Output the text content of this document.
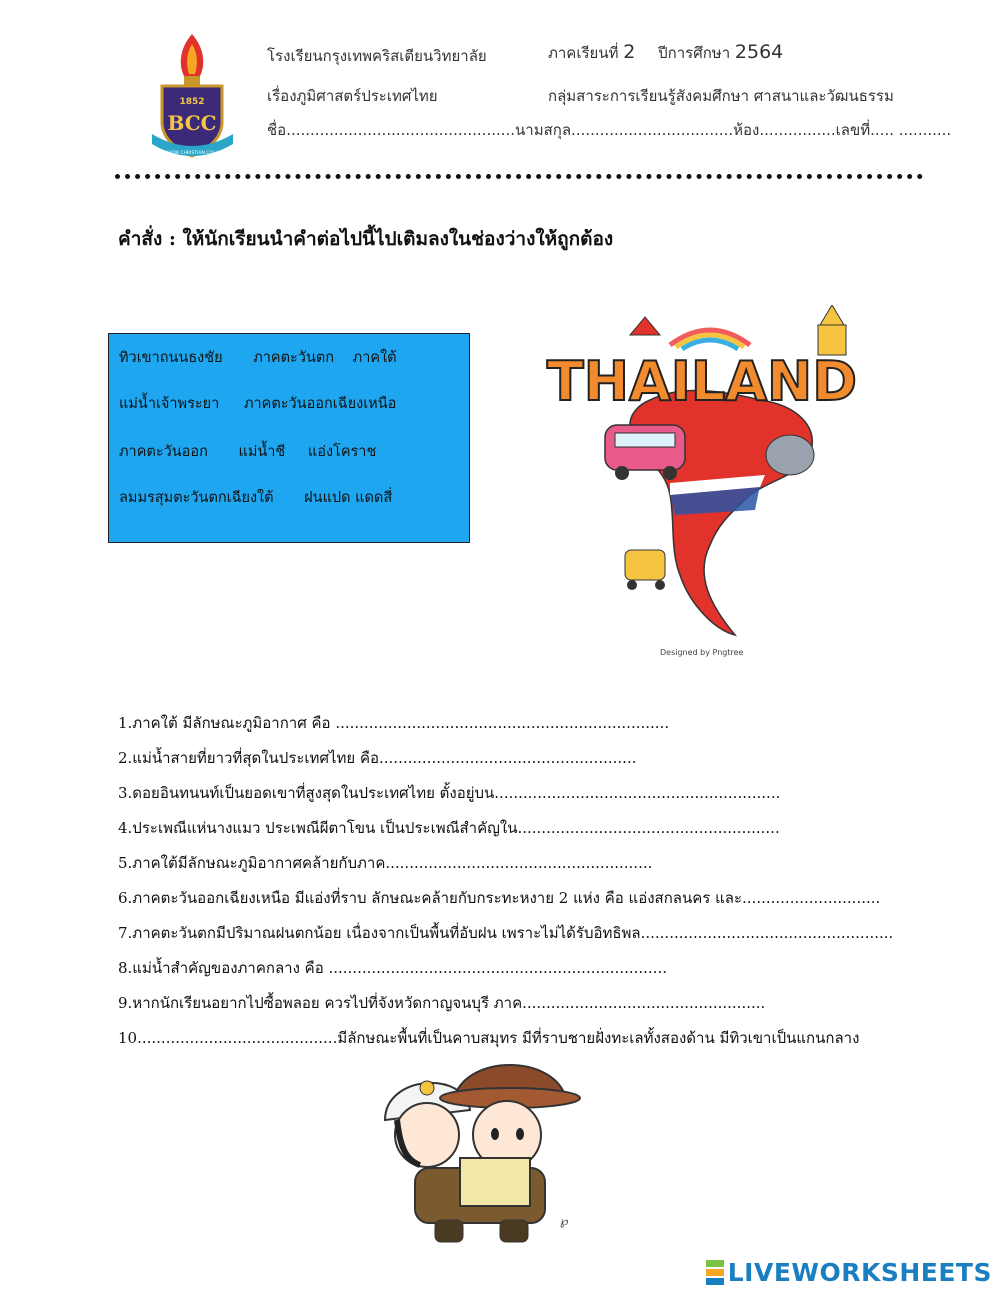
1852
BCC
BANGKOK CHRISTIAN COLLEGE
โรงเรียนกรุงเทพคริสเตียนวิทยาลัย	ภาคเรียนที่ 2 ปีการศึกษา 2564
เรื่องภูมิศาสตร์ประเทศไทย	กลุ่มสาระการเรียนรู้สังคมศึกษา ศาสนาและวัฒนธรรม
ชื่อ................................................นามสกุล..................................ห้อง................เลขที่..... ...........
คำสั่ง : ให้นักเรียนนำคำต่อไปนี้ไปเติมลงในช่องว่างให้ถูกต้อง
ทิวเขาถนนธงชัย ภาคตะวันตก ภาคใต้
แม่น้ำเจ้าพระยา ภาคตะวันออกเฉียงเหนือ
ภาคตะวันออก แม่น้ำชี แอ่งโคราช
ลมมรสุมตะวันตกเฉียงใต้ ฝนแปด แดดสี่
THAILAND
Designed by Pngtree
1.ภาคใต้ มีลักษณะภูมิอากาศ คือ ......................................................................
2.แม่น้ำสายที่ยาวที่สุดในประเทศไทย คือ......................................................
3.ดอยอินทนนท์เป็นยอดเขาที่สูงสุดในประเทศไทย ตั้งอยู่บน............................................................
4.ประเพณีแห่นางแมว ประเพณีผีตาโขน เป็นประเพณีสำคัญใน.......................................................
5.ภาคใต้มีลักษณะภูมิอากาศคล้ายกับภาค........................................................
6.ภาคตะวันออกเฉียงเหนือ มีแอ่งที่ราบ ลักษณะคล้ายกับกระทะหงาย 2 แห่ง คือ แอ่งสกลนคร และ.............................
7.ภาคตะวันตกมีปริมาณฝนตกน้อย เนื่องจากเป็นพื้นที่อับฝน เพราะไม่ได้รับอิทธิพล.....................................................
8.แม่น้ำสำคัญของภาคกลาง คือ .......................................................................
9.หากนักเรียนอยากไปซื้อพลอย ควรไปที่จังหวัดกาญจนบุรี ภาค...................................................
10..........................................มีลักษณะพื้นที่เป็นคาบสมุทร มีที่ราบชายฝั่งทะเลทั้งสองด้าน มีทิวเขาเป็นแกนกลาง
℘
LIVEWORKSHEETS
